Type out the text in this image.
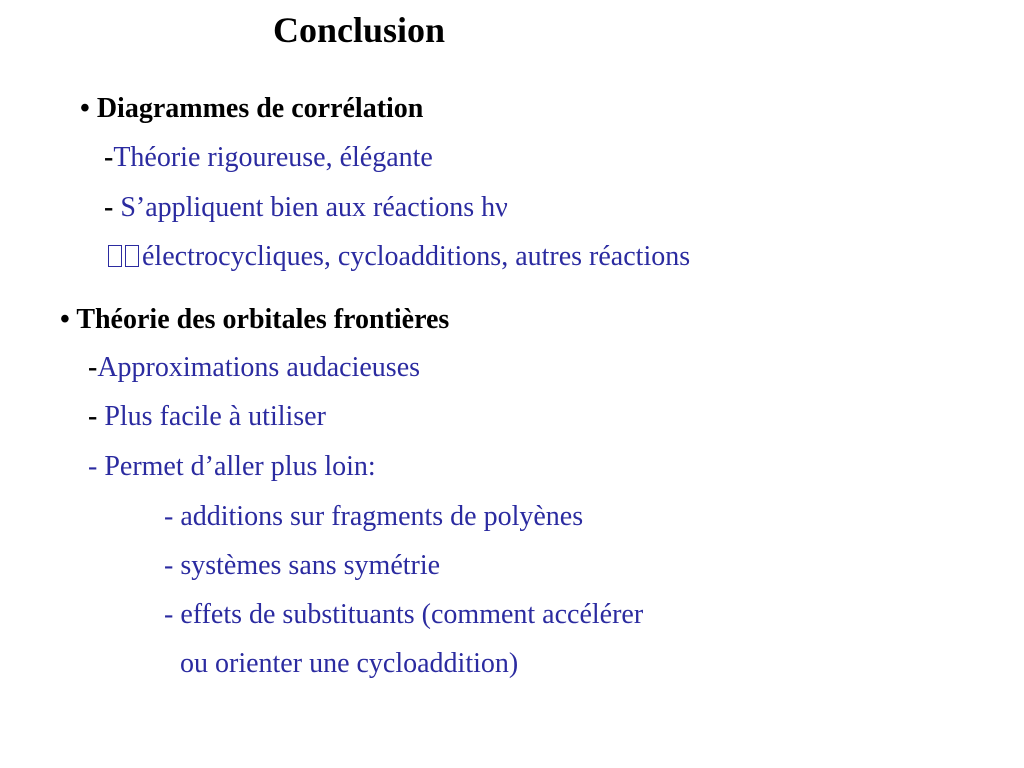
Conclusion
• Diagrammes de corrélation
-Théorie rigoureuse, élégante
- S’appliquent bien aux réactions hν
électrocycliques, cycloadditions, autres réactions
• Théorie des orbitales frontières
-Approximations audacieuses
- Plus facile à utiliser
- Permet d’aller plus loin:
- additions sur fragments de polyènes
- systèmes sans symétrie
- effets de substituants (comment accélérer
ou orienter une cycloaddition)
